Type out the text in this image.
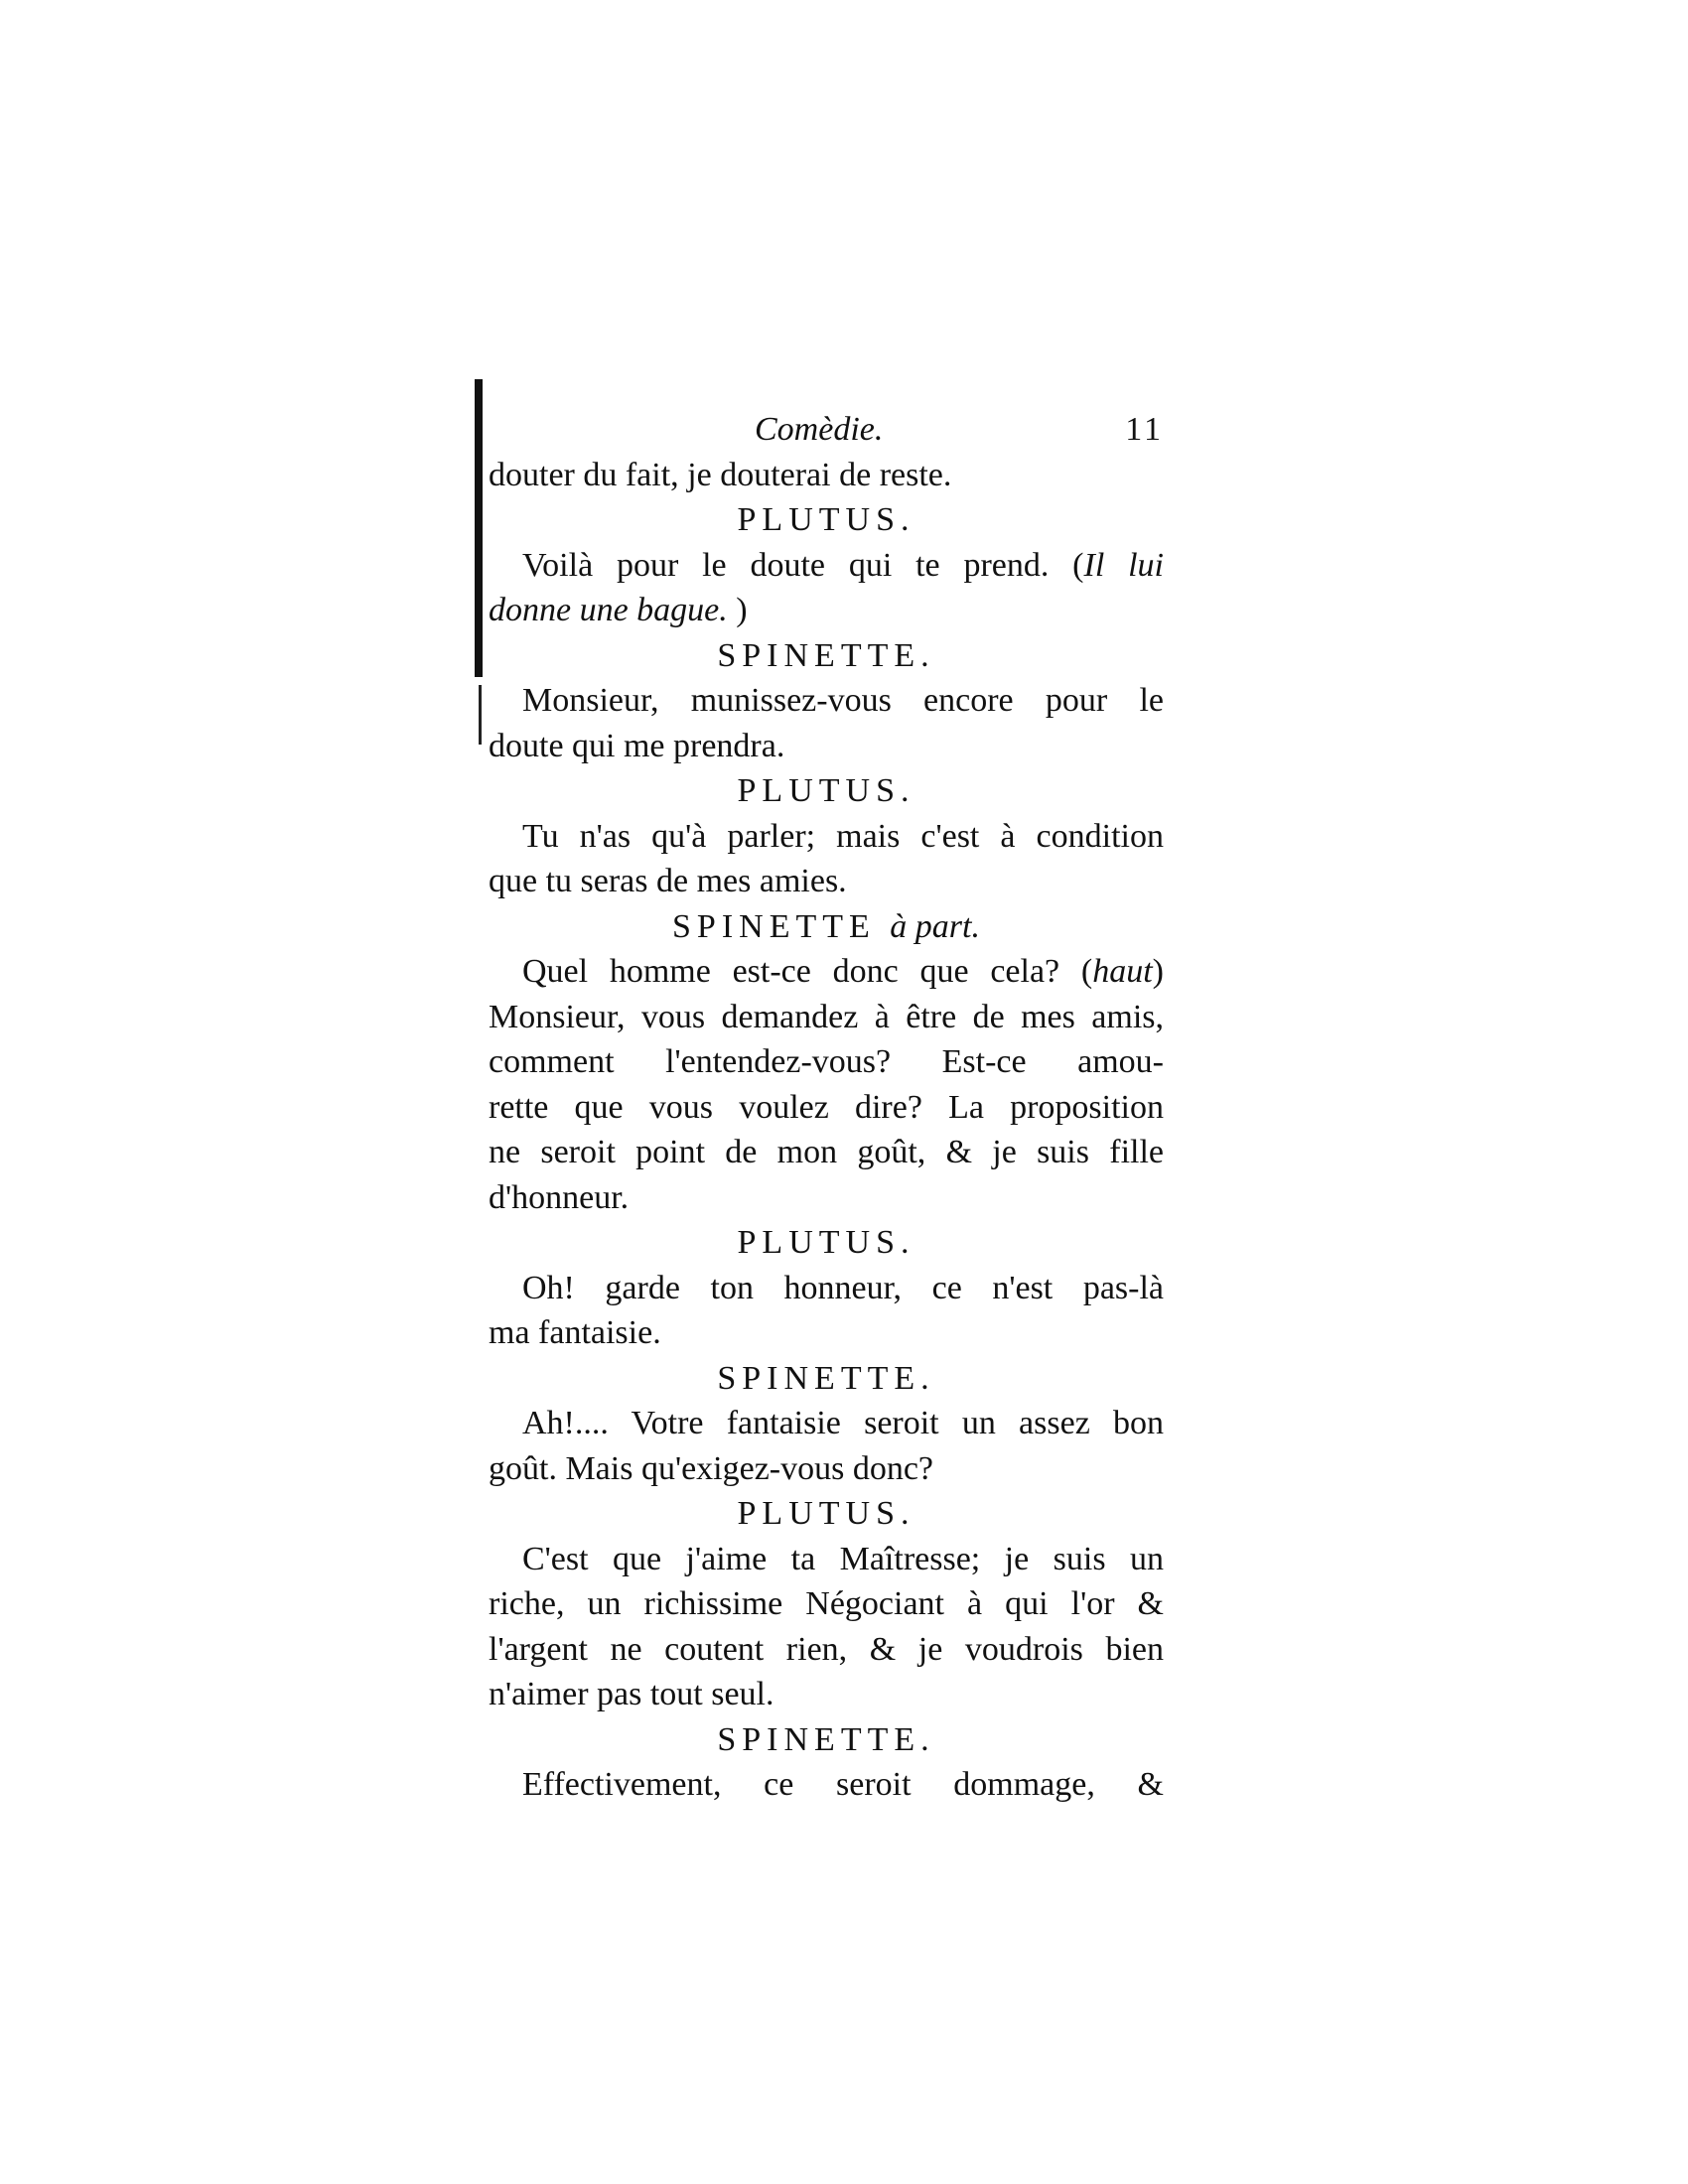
Comèdie.	11
douter du fait, je douterai de reste.
PLUTUS.
Voilà pour le doute qui te prend. (Il lui
donne une bague. )
SPINETTE.
Monsieur, munissez-vous encore pour le
doute qui me prendra.
PLUTUS.
Tu n'as qu'à parler; mais c'est à condition
que tu seras de mes amies.
SPINETTE à part.
Quel homme est-ce donc que cela? (haut)
Monsieur, vous demandez à être de mes amis,
comment l'entendez-vous? Est-ce amou-
rette que vous voulez dire? La proposition
ne seroit point de mon goût, & je suis fille
d'honneur.
PLUTUS.
Oh! garde ton honneur, ce n'est pas-là
ma fantaisie.
SPINETTE.
Ah!.... Votre fantaisie seroit un assez bon
goût. Mais qu'exigez-vous donc?
PLUTUS.
C'est que j'aime ta Maîtresse; je suis un
riche, un richissime Négociant à qui l'or &
l'argent ne coutent rien, & je voudrois bien
n'aimer pas tout seul.
SPINETTE.
Effectivement, ce seroit dommage, &
